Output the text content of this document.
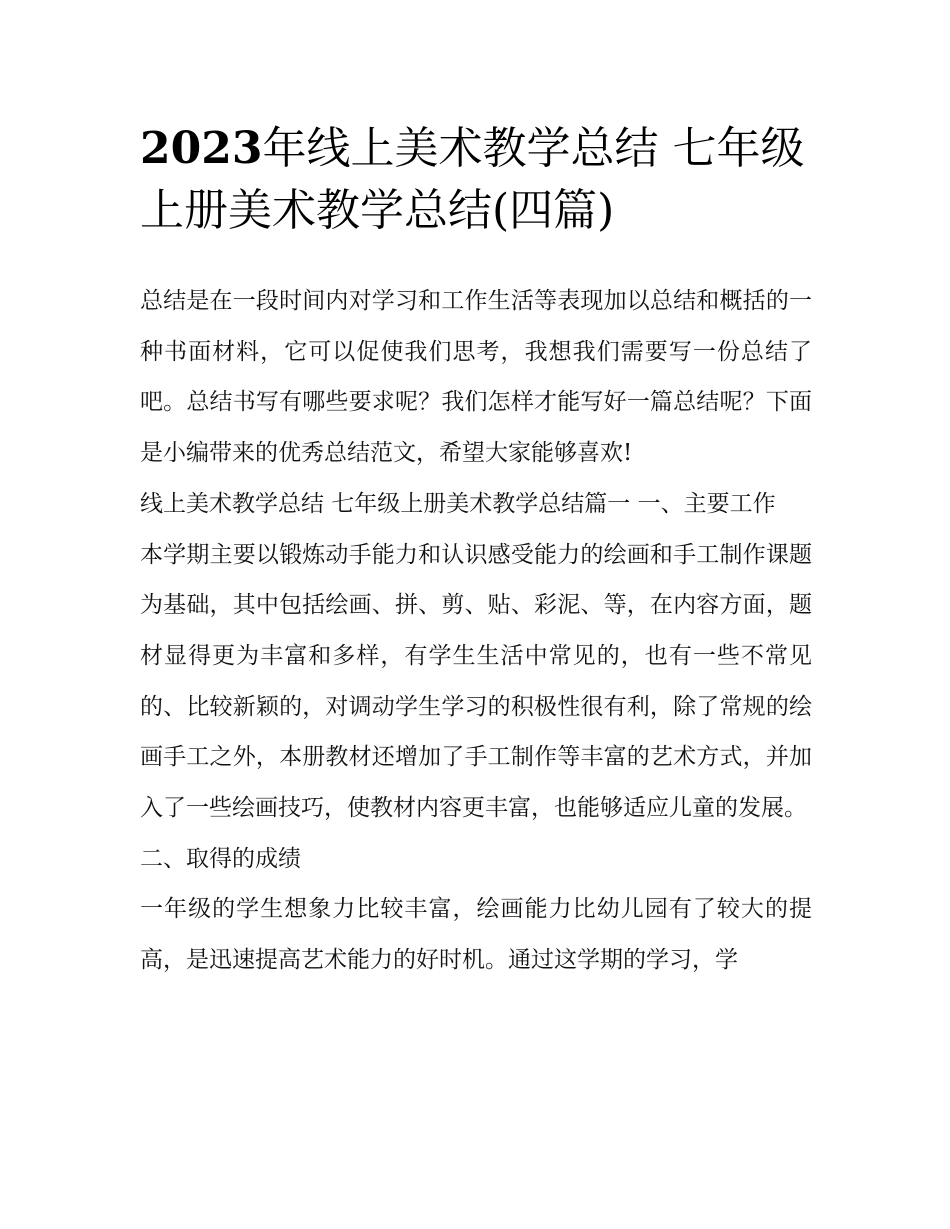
2023年线上美术教学总结 七年级上册美术教学总结(四篇)

总结是在一段时间内对学习和工作生活等表现加以总结和概括的一种书面材料，它可以促使我们思考，我想我们需要写一份总结了吧。总结书写有哪些要求呢？我们怎样才能写好一篇总结呢？下面是小编带来的优秀总结范文，希望大家能够喜欢!

线上美术教学总结 七年级上册美术教学总结篇一 一、主要工作

本学期主要以锻炼动手能力和认识感受能力的绘画和手工制作课题为基础，其中包括绘画、拼、剪、贴、彩泥、等，在内容方面，题材显得更为丰富和多样，有学生生活中常见的，也有一些不常见的、比较新颖的，对调动学生学习的积极性很有利，除了常规的绘画手工之外，本册教材还增加了手工制作等丰富的艺术方式，并加入了一些绘画技巧，使教材内容更丰富，也能够适应儿童的发展。

二、取得的成绩

一年级的学生想象力比较丰富，绘画能力比幼儿园有了较大的提高，是迅速提高艺术能力的好时机。通过这学期的学习，学
